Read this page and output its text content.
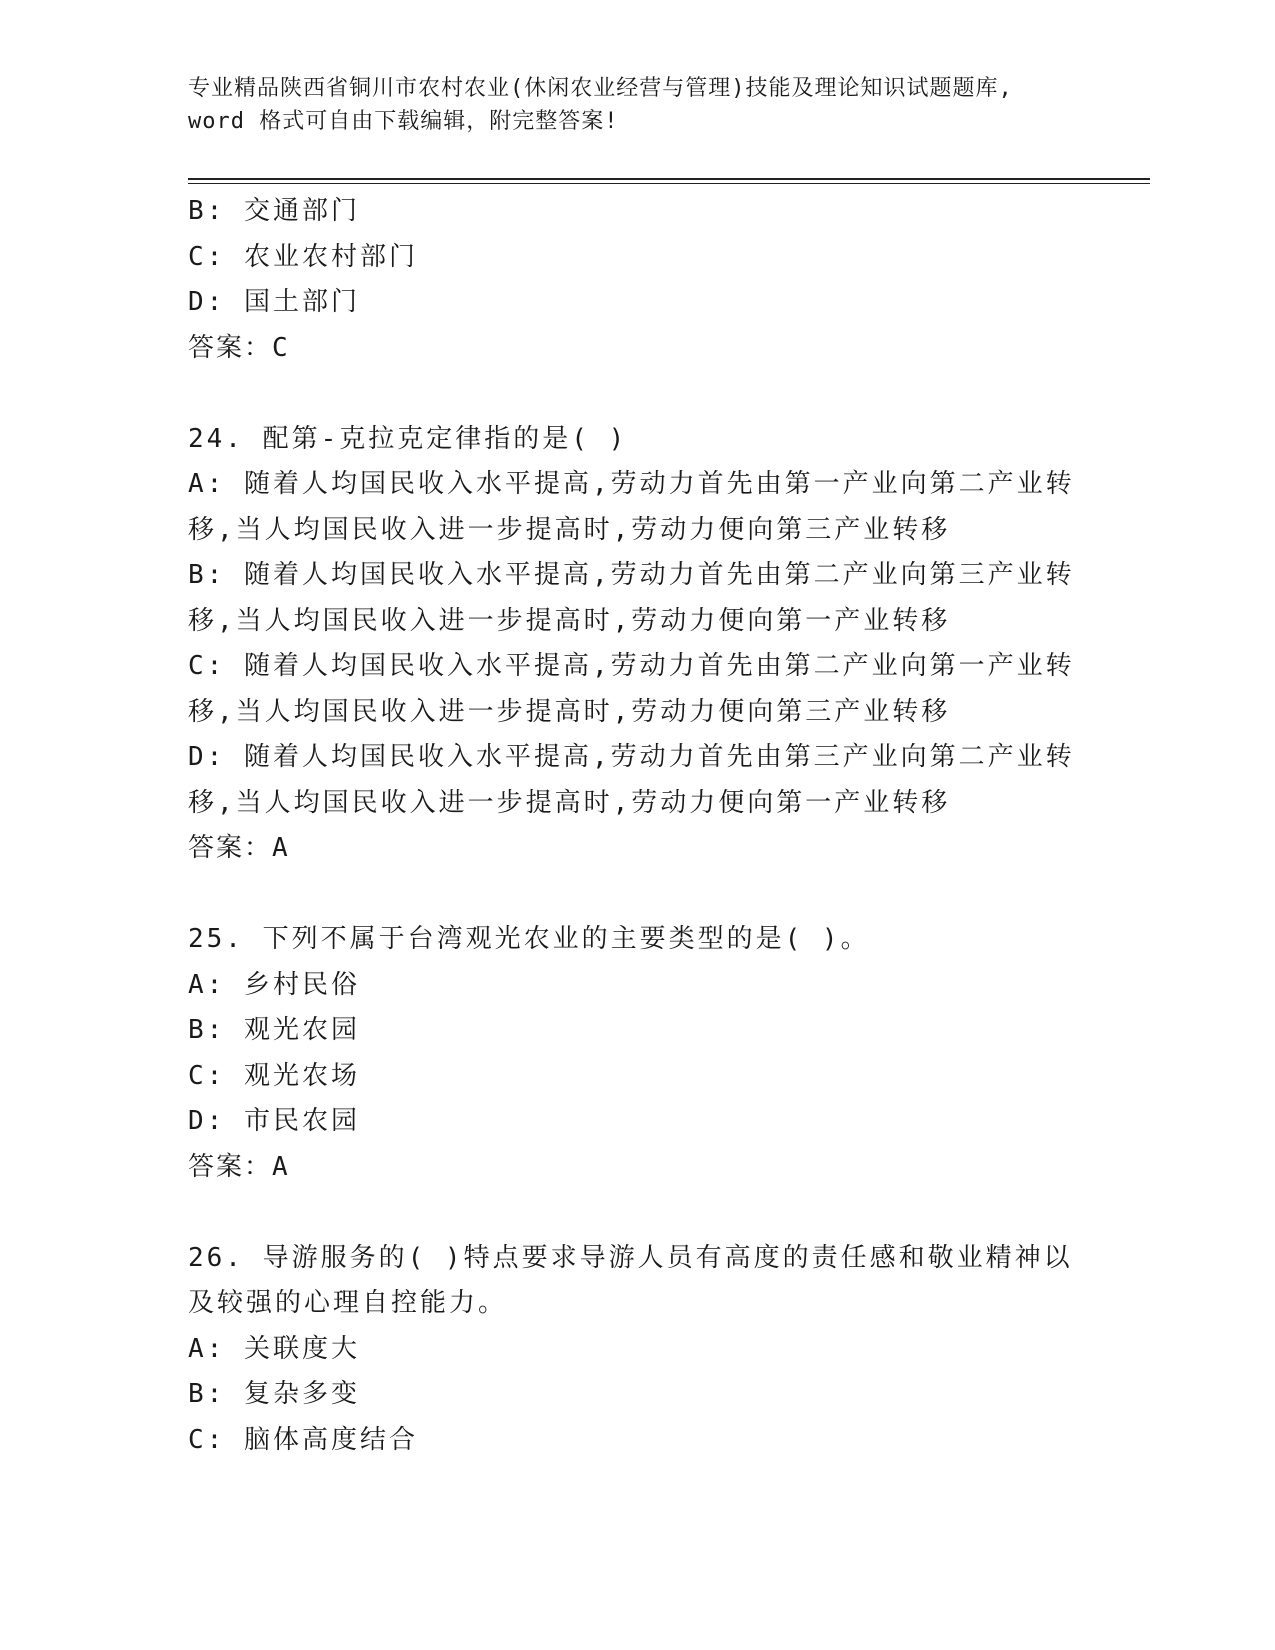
专业精品陕西省铜川市农村农业(休闲农业经营与管理)技能及理论知识试题题库,
word 格式可自由下载编辑，附完整答案!
B: 交通部门
C: 农业农村部门
D: 国土部门
答案：C
24. 配第-克拉克定律指的是( )
A: 随着人均国民收入水平提高,劳动力首先由第一产业向第二产业转
移,当人均国民收入进一步提高时,劳动力便向第三产业转移
B: 随着人均国民收入水平提高,劳动力首先由第二产业向第三产业转
移,当人均国民收入进一步提高时,劳动力便向第一产业转移
C: 随着人均国民收入水平提高,劳动力首先由第二产业向第一产业转
移,当人均国民收入进一步提高时,劳动力便向第三产业转移
D: 随着人均国民收入水平提高,劳动力首先由第三产业向第二产业转
移,当人均国民收入进一步提高时,劳动力便向第一产业转移
答案：A
25. 下列不属于台湾观光农业的主要类型的是( )。
A: 乡村民俗
B: 观光农园
C: 观光农场
D: 市民农园
答案：A
26. 导游服务的( )特点要求导游人员有高度的责任感和敬业精神以
及较强的心理自控能力。
A: 关联度大
B: 复杂多变
C: 脑体高度结合
